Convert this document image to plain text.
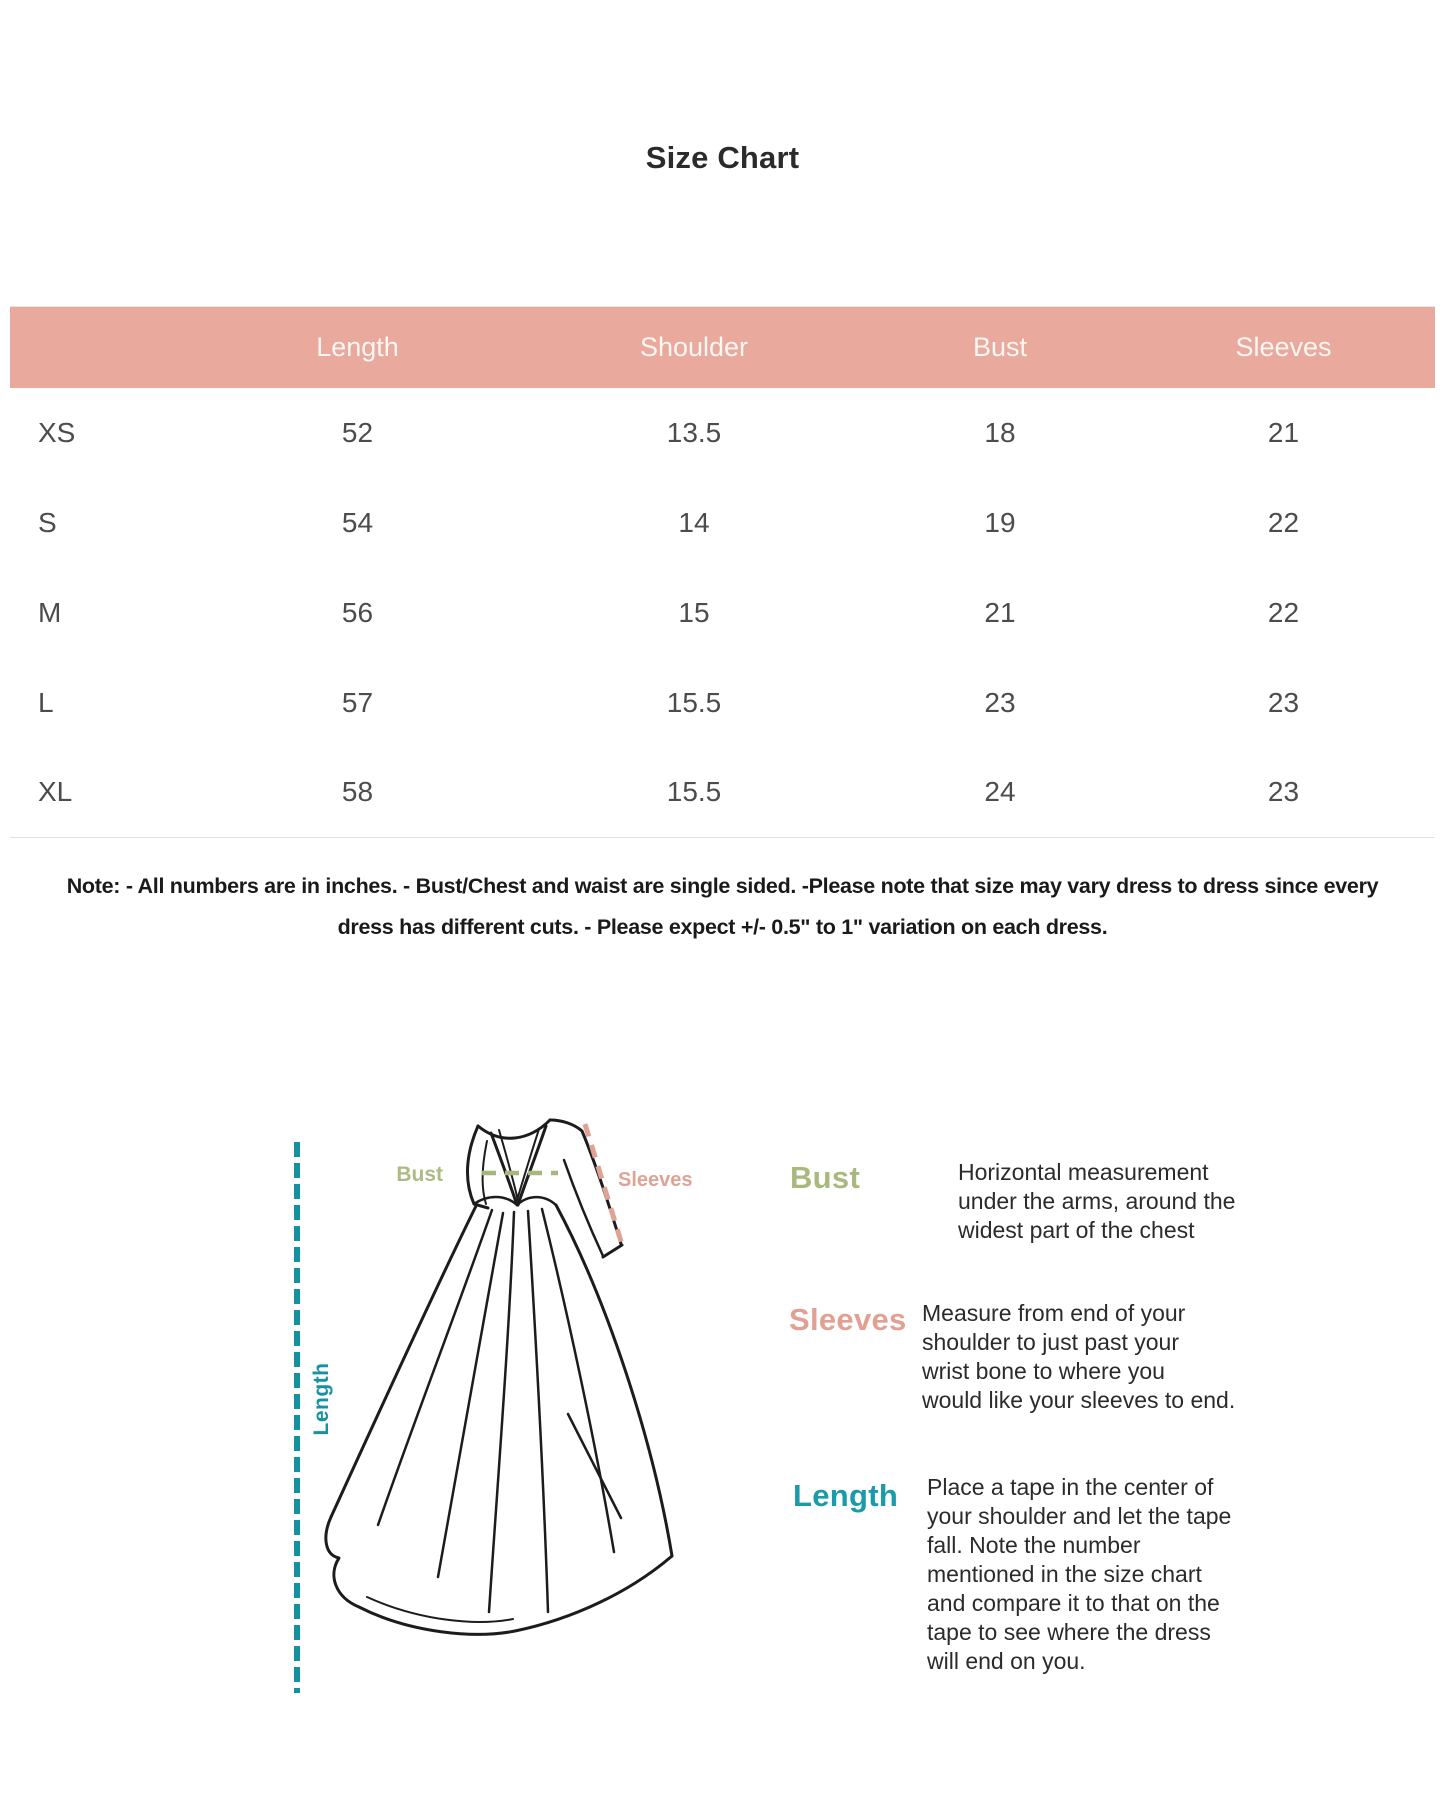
Size Chart
	Length	Shoulder	Bust	Sleeves
XS	52	13.5	18	21
S	54	14	19	22
M	56	15	21	22
L	57	15.5	23	23
XL	58	15.5	24	23
Note: - All numbers are in inches. - Bust/Chest and waist are single sided. -Please note that size may vary dress to dress since every
dress has different cuts. - Please expect +/- 0.5" to 1" variation on each dress.
Length
Bust	Sleeves	Bust	Horizontal measurement
under the arms, around the
widest part of the chest
Sleeves Measure from end of your
shoulder to just past your
wrist bone to where you
would like your sleeves to end.
Length Place a tape in the center of
your shoulder and let the tape
fall. Note the number
mentioned in the size chart
and compare it to that on the
tape to see where the dress
will end on you.
